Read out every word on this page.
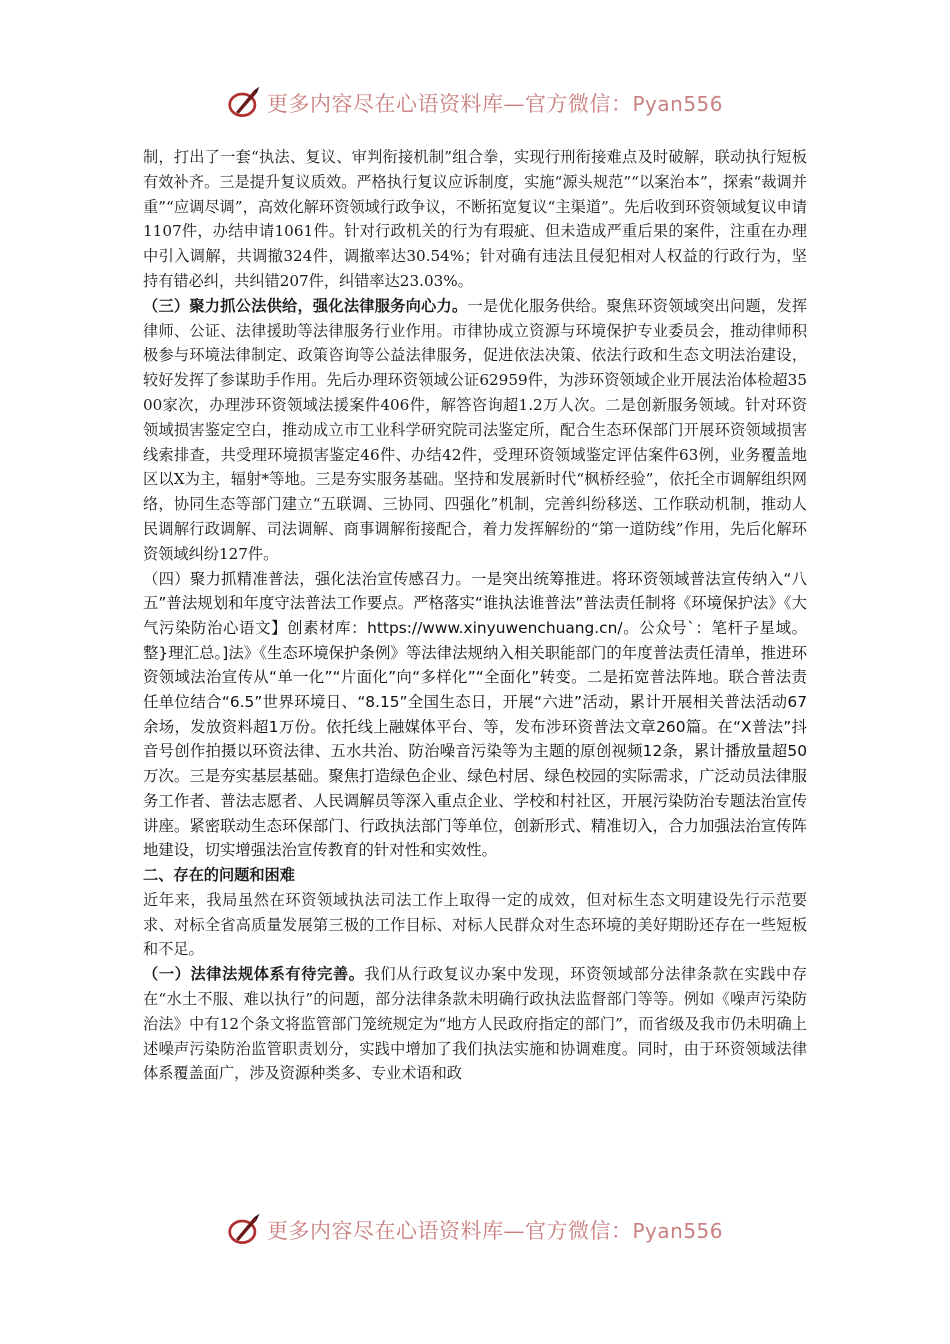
更多内容尽在心语资料库—官方微信：Pyan556

制，打出了一套“执法、复议、审判衔接机制”组合拳，实现行刑衔接难点及时破解，联动执行短板有效补齐。三是提升复议质效。严格执行复议应诉制度，实施“源头规范”“以案治本”，探索“裁调并重”“应调尽调”，高效化解环资领域行政争议，不断拓宽复议“主渠道”。先后收到环资领域复议申请1107件，办结申请1061件。针对行政机关的行为有瑕疵、但未造成严重后果的案件，注重在办理中引入调解，共调撤324件，调撤率达30.54%；针对确有违法且侵犯相对人权益的行政行为，坚持有错必纠，共纠错207件，纠错率达23.03%。

（三）聚力抓公法供给，强化法律服务向心力。一是优化服务供给。聚焦环资领域突出问题，发挥律师、公证、法律援助等法律服务行业作用。市律协成立资源与环境保护专业委员会，推动律师积极参与环境法律制定、政策咨询等公益法律服务，促进依法决策、依法行政和生态文明法治建设，较好发挥了参谋助手作用。先后办理环资领域公证62959件，为涉环资领域企业开展法治体检超3500家次，办理涉环资领域法援案件406件，解答咨询超1.2万人次。二是创新服务领域。针对环资领域损害鉴定空白，推动成立市工业科学研究院司法鉴定所，配合生态环保部门开展环资领域损害线索排查，共受理环境损害鉴定46件、办结42件，受理环资领域鉴定评估案件63例，业务覆盖地区以X为主，辐射*等地。三是夯实服务基础。坚持和发展新时代“枫桥经验”，依托全市调解组织网络，协同生态等部门建立“五联调、三协同、四强化”机制，完善纠纷移送、工作联动机制，推动人民调解行政调解、司法调解、商事调解衔接配合，着力发挥解纷的“第一道防线”作用，先后化解环资领域纠纷127件。

（四）聚力抓精准普法，强化法治宣传感召力。一是突出统筹推进。将环资领域普法宣传纳入“八五”普法规划和年度守法普法工作要点。严格落实“谁执法谁普法”普法责任制将《环境保护法》《大气污染防治心语文】创素材库：https://www.xinyuwenchuang.cn/。公众号`：笔杆子星域。整}理汇总。]法》《生态环境保护条例》等法律法规纳入相关职能部门的年度普法责任清单，推进环资领域法治宣传从“单一化”“片面化”向“多样化”“全面化”转变。二是拓宽普法阵地。联合普法责任单位结合“6.5”世界环境日、“8.15”全国生态日，开展“六进”活动，累计开展相关普法活动67余场，发放资料超1万份。依托线上融媒体平台、等，发布涉环资普法文章260篇。在“X普法”抖音号创作拍摄以环资法律、五水共治、防治噪音污染等为主题的原创视频12条，累计播放量超50万次。三是夯实基层基础。聚焦打造绿色企业、绿色村居、绿色校园的实际需求，广泛动员法律服务工作者、普法志愿者、人民调解员等深入重点企业、学校和村社区，开展污染防治专题法治宣传讲座。紧密联动生态环保部门、行政执法部门等单位，创新形式、精准切入，合力加强法治宣传阵地建设，切实增强法治宣传教育的针对性和实效性。

二、存在的问题和困难

近年来，我局虽然在环资领域执法司法工作上取得一定的成效，但对标生态文明建设先行示范要求、对标全省高质量发展第三极的工作目标、对标人民群众对生态环境的美好期盼还存在一些短板和不足。

（一）法律法规体系有待完善。我们从行政复议办案中发现，环资领域部分法律条款在实践中存在“水土不服、难以执行”的问题，部分法律条款未明确行政执法监督部门等等。例如《噪声污染防治法》中有12个条文将监管部门笼统规定为“地方人民政府指定的部门”，而省级及我市仍未明确上述噪声污染防治监管职责划分，实践中增加了我们执法实施和协调难度。同时，由于环资领域法律体系覆盖面广，涉及资源种类多、专业术语和政

更多内容尽在心语资料库—官方微信：Pyan556
